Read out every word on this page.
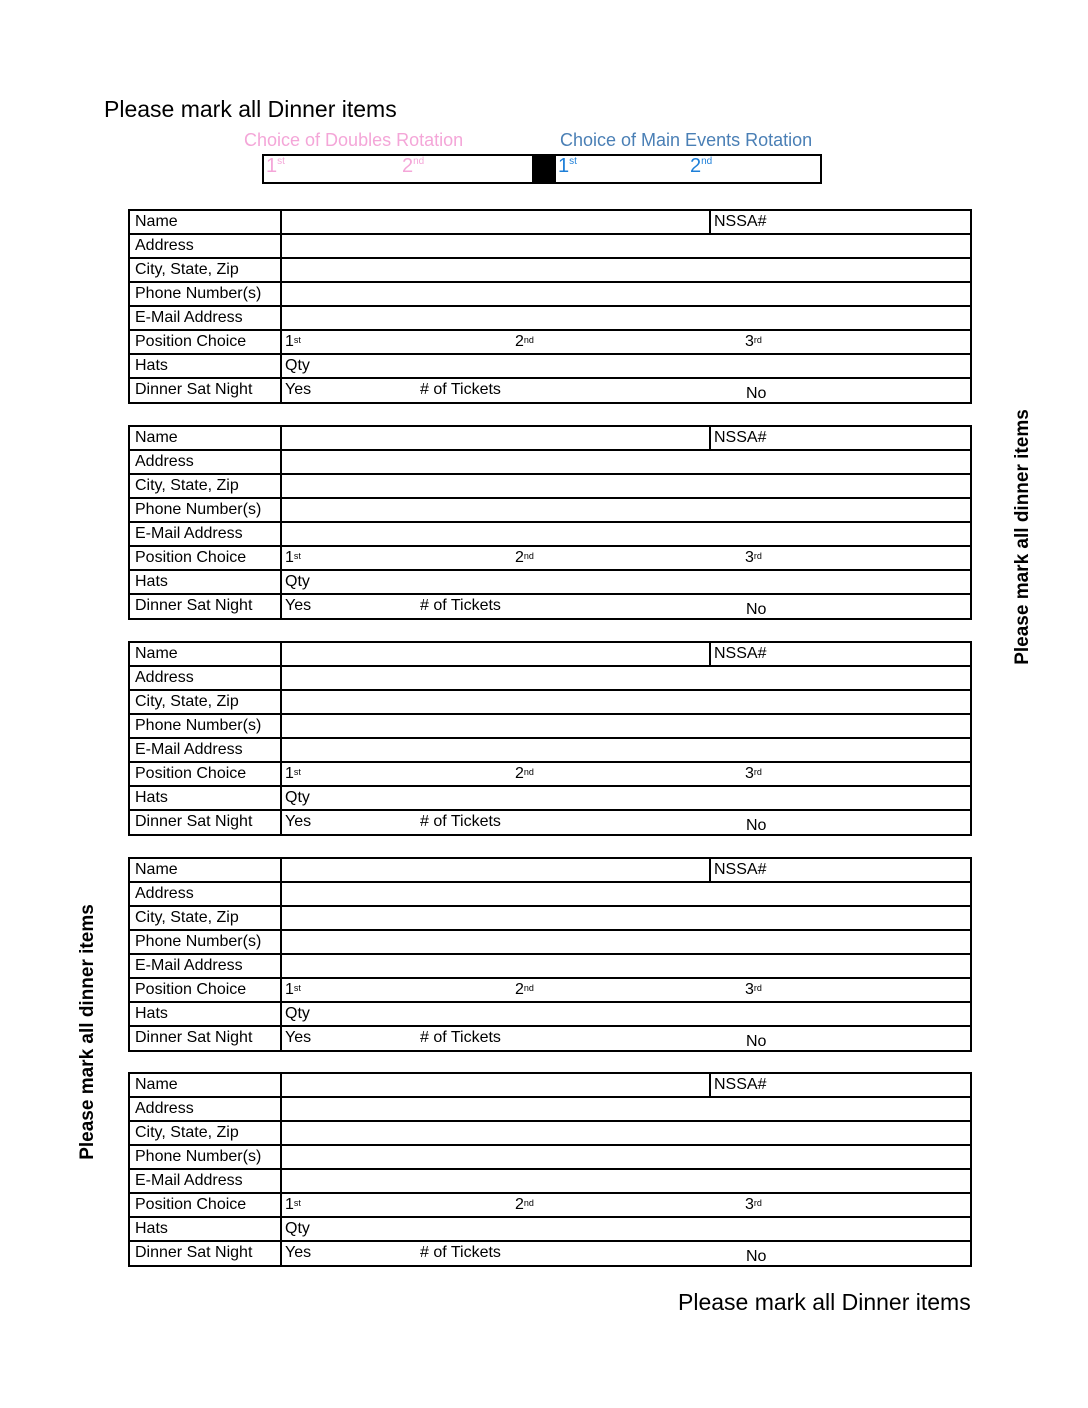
Please mark all Dinner items
Please mark all dinner items
Please mark all dinner items
Please mark all Dinner items
Choice of Doubles Rotation	Choice of Main Events Rotation
1st	2nd	1st	2nd
Name	NSSA#
Address
City, State, Zip
Phone Number(s)
E-Mail Address
Position Choice	1st	2nd	3rd
Hats	Qty
Dinner Sat Night	Yes	# of Tickets	No
Name	NSSA#
Address
City, State, Zip
Phone Number(s)
E-Mail Address
Position Choice	1st	2nd	3rd
Hats	Qty
Dinner Sat Night	Yes	# of Tickets	No
Name	NSSA#
Address
City, State, Zip
Phone Number(s)
E-Mail Address
Position Choice	1st	2nd	3rd
Hats	Qty
Dinner Sat Night	Yes	# of Tickets	No
Name	NSSA#
Address
City, State, Zip
Phone Number(s)
E-Mail Address
Position Choice	1st	2nd	3rd
Hats	Qty
Dinner Sat Night	Yes	# of Tickets	No
Name	NSSA#
Address
City, State, Zip
Phone Number(s)
E-Mail Address
Position Choice	1st	2nd	3rd
Hats	Qty
Dinner Sat Night	Yes	# of Tickets	No
